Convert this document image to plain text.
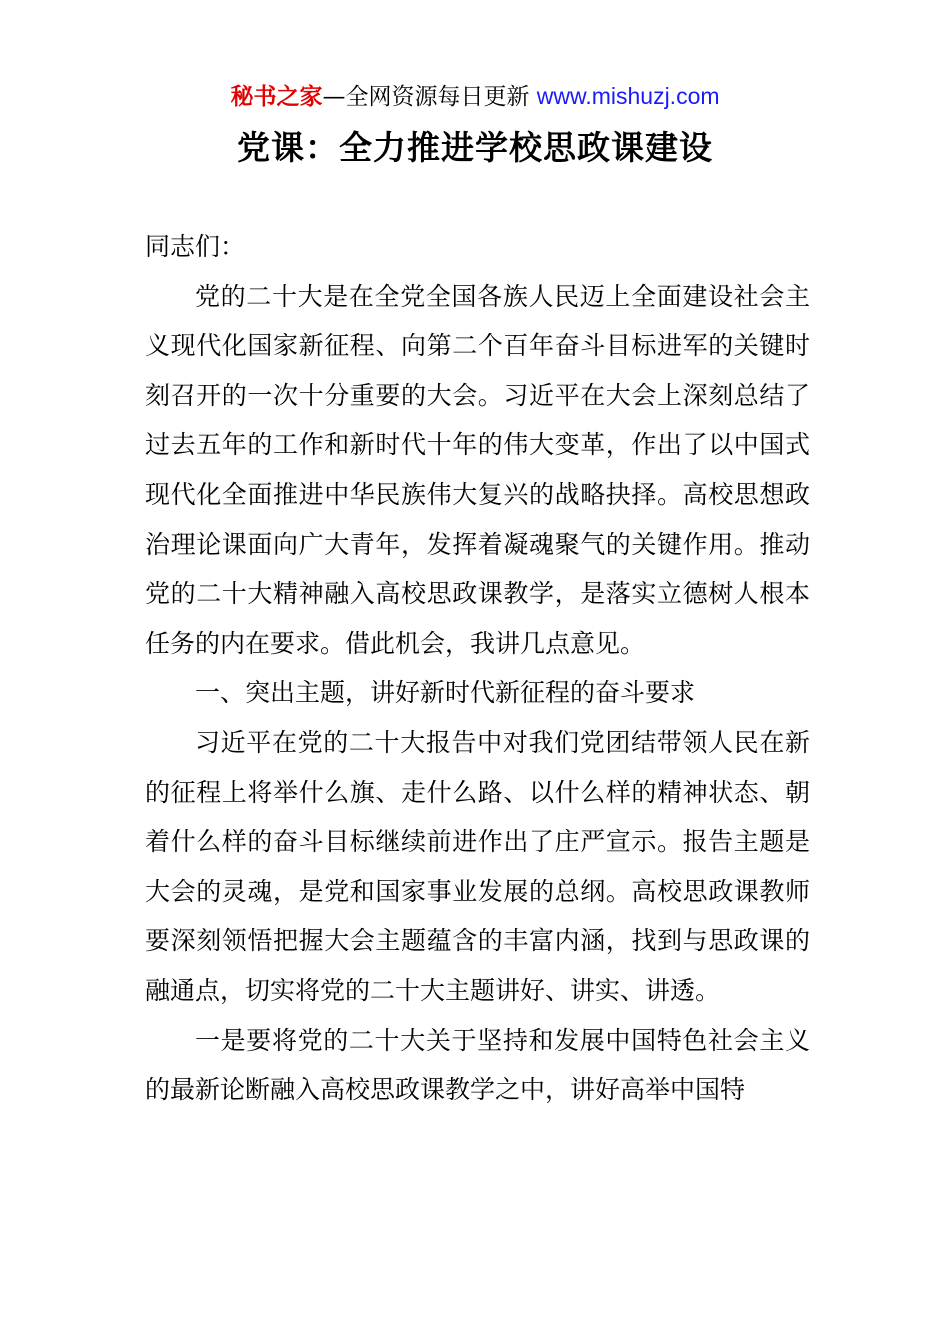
秘书之家—全网资源每日更新 www.mishuzj.com
党课：全力推进学校思政课建设

同志们：

党的二十大是在全党全国各族人民迈上全面建设社会主义现代化国家新征程、向第二个百年奋斗目标进军的关键时刻召开的一次十分重要的大会。习近平在大会上深刻总结了过去五年的工作和新时代十年的伟大变革，作出了以中国式现代化全面推进中华民族伟大复兴的战略抉择。高校思想政治理论课面向广大青年，发挥着凝魂聚气的关键作用。推动党的二十大精神融入高校思政课教学，是落实立德树人根本任务的内在要求。借此机会，我讲几点意见。

一、突出主题，讲好新时代新征程的奋斗要求

习近平在党的二十大报告中对我们党团结带领人民在新的征程上将举什么旗、走什么路、以什么样的精神状态、朝着什么样的奋斗目标继续前进作出了庄严宣示。报告主题是大会的灵魂，是党和国家事业发展的总纲。高校思政课教师要深刻领悟把握大会主题蕴含的丰富内涵，找到与思政课的融通点，切实将党的二十大主题讲好、讲实、讲透。

一是要将党的二十大关于坚持和发展中国特色社会主义的最新论断融入高校思政课教学之中，讲好高举中国特
